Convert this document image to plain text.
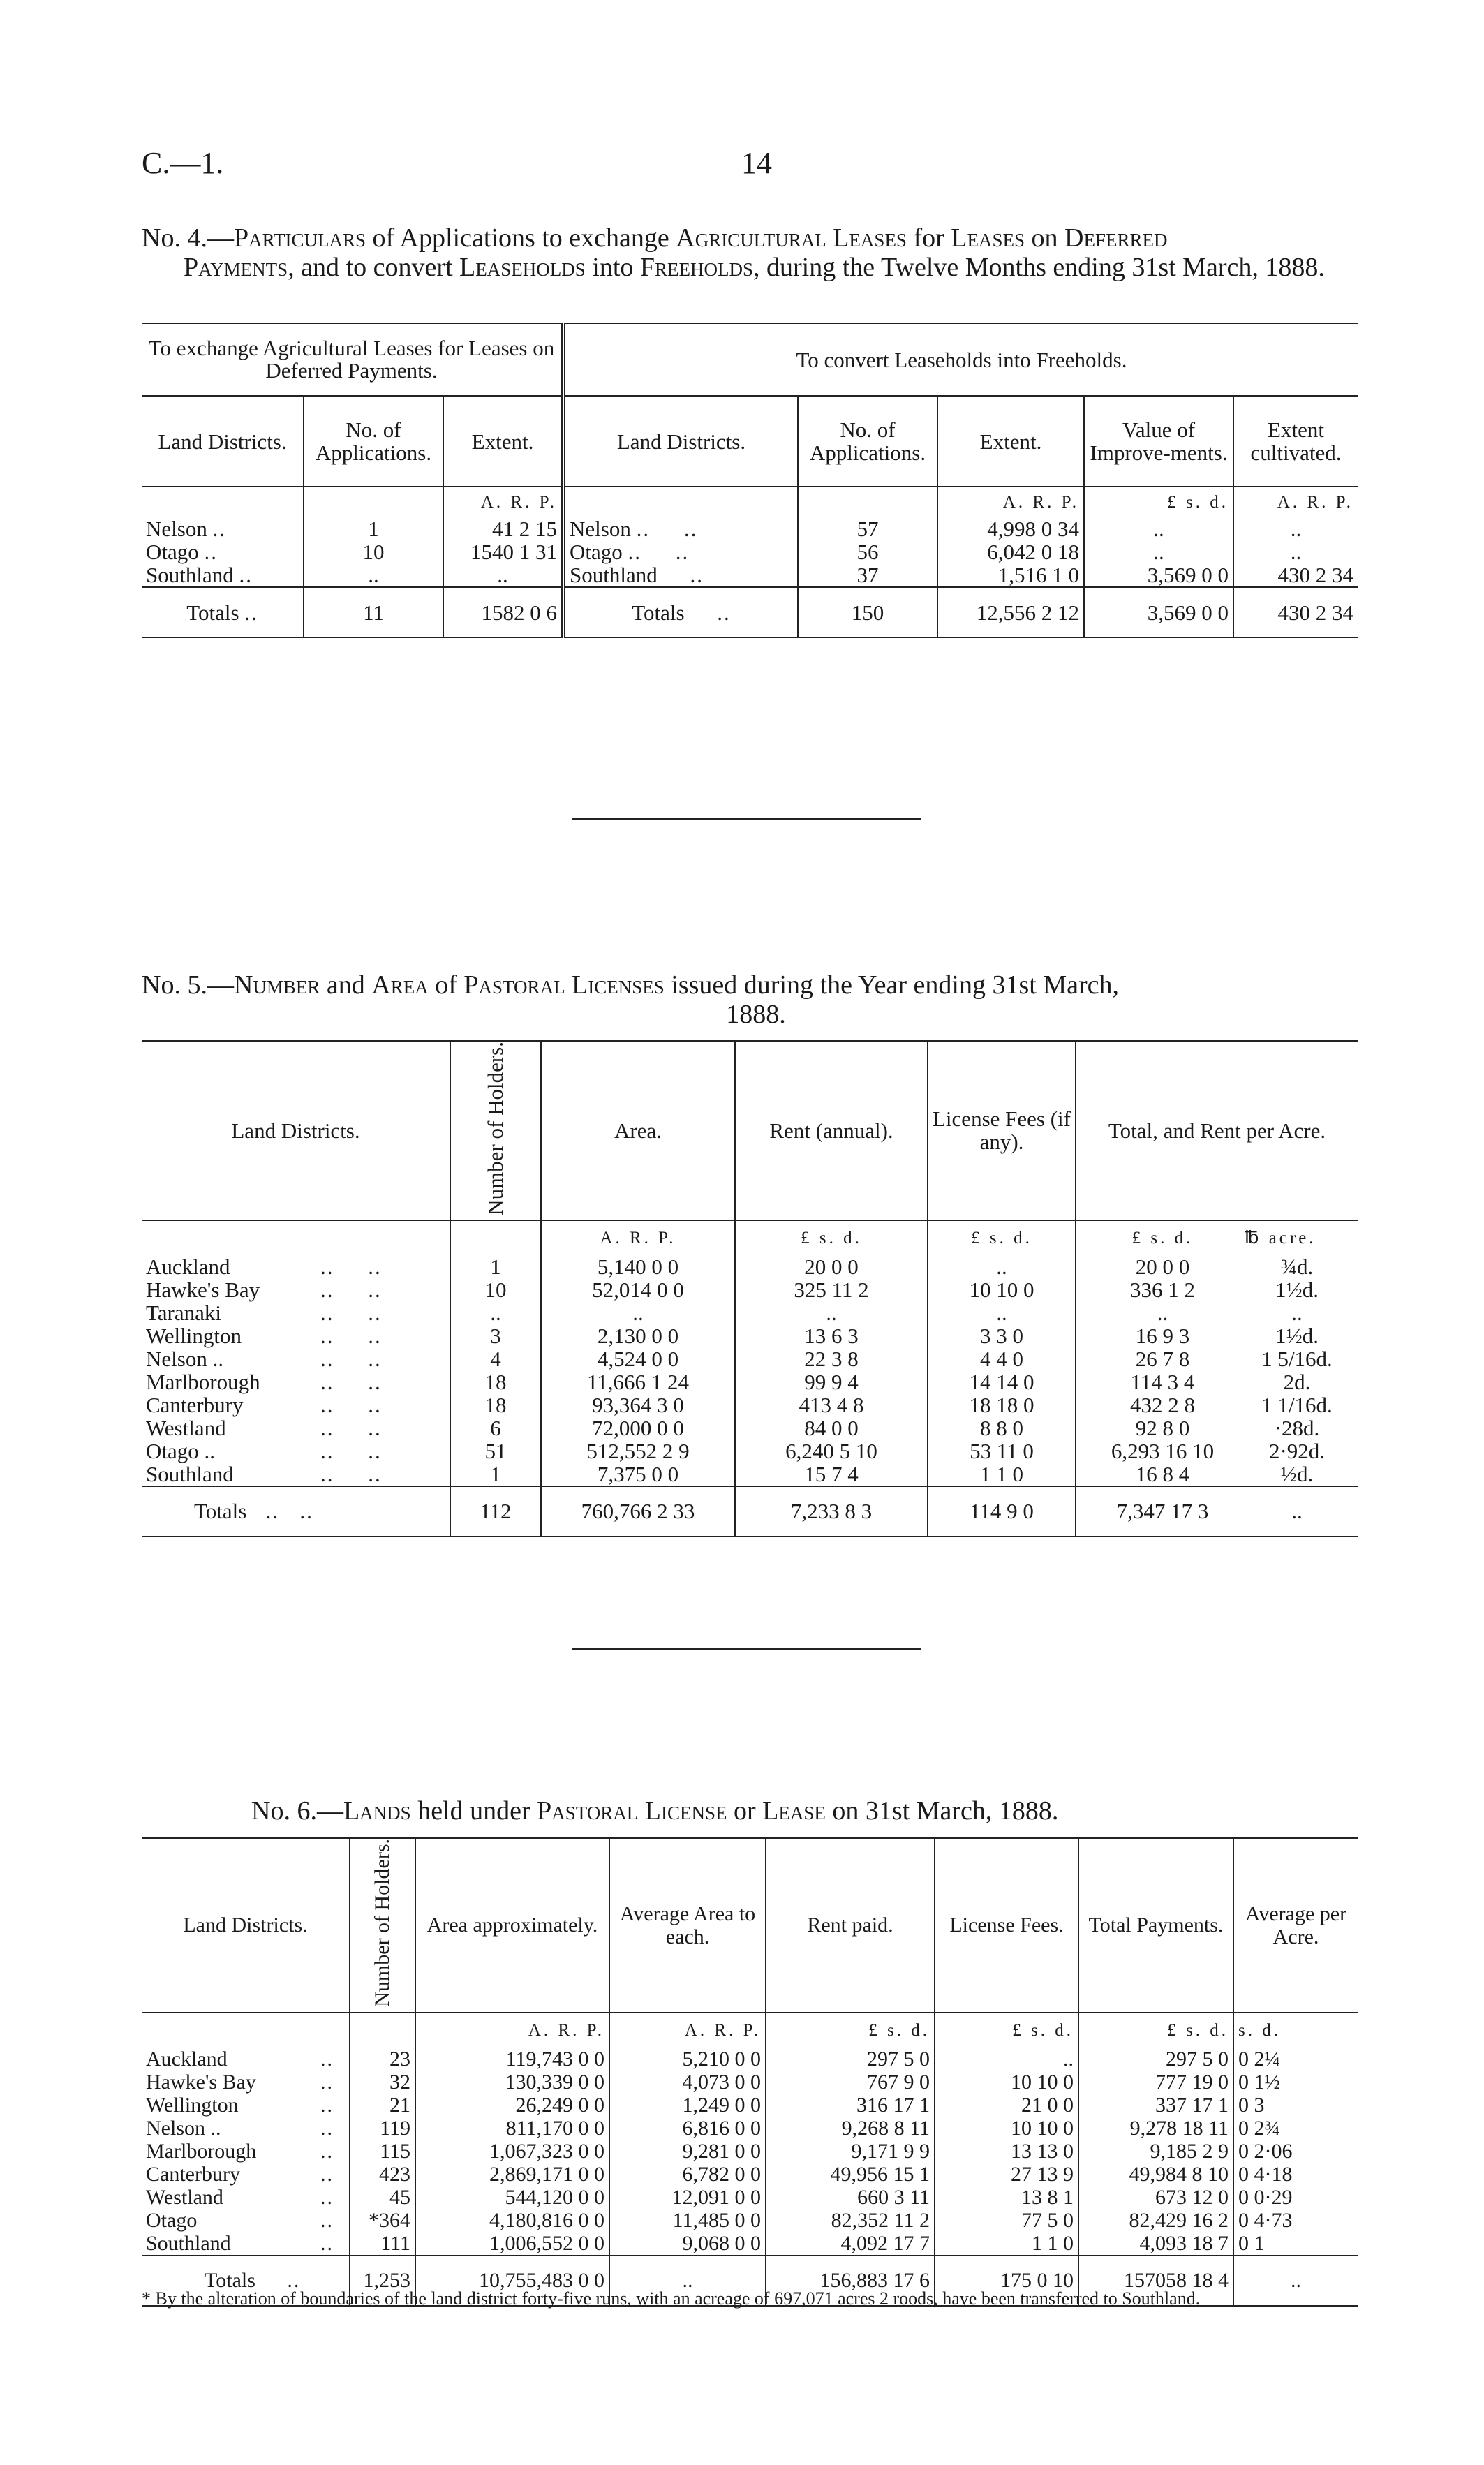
C.—1.	14
No. 4.—Particulars of Applications to exchange Agricultural Leases for Leases on Deferred
Payments, and to convert Leaseholds into Freeholds, during the Twelve Months ending 31st March, 1888.
To exchange Agricultural Leases for Leases on Deferred Payments.			To convert Leaseholds into Freeholds.				
Land Districts.	No. of Applications.	Extent.	Land Districts.	No. of Applications.	Extent.	Value of Improve-ments.	Extent cultivated.
		A. R. P.			A. R. P.	£ s. d.	A. R. P.
Nelson ..	1	41 2 15	Nelson ..     ..	57	4,998 0 34	..	..
Otago ..	10	1540 1 31	Otago ..     ..	56	6,042 0 18	..	..
Southland ..	..	..	Southland     ..	37	1,516 1 0	3,569 0 0	430 2 34
Totals ..	11	1582 0 6	Totals     ..	150	12,556 2 12	3,569 0 0	430 2 34
No. 5.—Number and Area of Pastoral Licenses issued during the Year ending 31st March,
1888.
Land Districts.	Number of Holders.	Area.	Rent (annual).	License Fees (if any).	Total, and Rent per Acre.
		A. R. P.	£ s. d.	£ s. d.	£ s. d. ℔ acre.
Auckland ..     ..	1	5,140 0 0	20 0 0	..	20 0 0 ¾d.
Hawke's Bay ..     ..	10	52,014 0 0	325 11 2	10 10 0	336 1 2 1½d.
Taranaki ..     ..	..	..	..	..	.. ..
Wellington ..     ..	3	2,130 0 0	13 6 3	3 3 0	16 9 3 1½d.
Nelson .. ..     ..	4	4,524 0 0	22 3 8	4 4 0	26 7 8 1 5/16d.
Marlborough ..     ..	18	11,666 1 24	99 9 4	14 14 0	114 3 4 2d.
Canterbury ..     ..	18	93,364 3 0	413 4 8	18 18 0	432 2 8 1 1/16d.
Westland ..     ..	6	72,000 0 0	84 0 0	8 8 0	92 8 0 ·28d.
Otago .. ..     ..	51	512,552 2 9	6,240 5 10	53 11 0	6,293 16 10 2·92d.
Southland ..     ..	1	7,375 0 0	15 7 4	1 1 0	16 8 4 ½d.
Totals   ..   ..	112	760,766 2 33	7,233 8 3	114 9 0	7,347 17 3 ..
No. 6.—Lands held under Pastoral License or Lease on 31st March, 1888.
Land Districts.	Number of Holders.	Area approximately.	Average Area to each.	Rent paid.	License Fees.	Total Payments.	Average per Acre.
		A. R. P.	A. R. P.	£ s. d.	£ s. d.	£ s. d.	s. d.
Auckland ..	23	119,743 0 0	5,210 0 0	297 5 0	..	297 5 0	0 2¼
Hawke's Bay ..	32	130,339 0 0	4,073 0 0	767 9 0	10 10 0	777 19 0	0 1½
Wellington ..	21	26,249 0 0	1,249 0 0	316 17 1	21 0 0	337 17 1	0 3
Nelson .. ..	119	811,170 0 0	6,816 0 0	9,268 8 11	10 10 0	9,278 18 11	0 2¾
Marlborough ..	115	1,067,323 0 0	9,281 0 0	9,171 9 9	13 13 0	9,185 2 9	0 2·06
Canterbury ..	423	2,869,171 0 0	6,782 0 0	49,956 15 1	27 13 9	49,984 8 10	0 4·18
Westland ..	45	544,120 0 0	12,091 0 0	660 3 11	13 8 1	673 12 0	0 0·29
Otago ..	*364	4,180,816 0 0	11,485 0 0	82,352 11 2	77 5 0	82,429 16 2	0 4·73
Southland ..	111	1,006,552 0 0	9,068 0 0	4,092 17 7	1 1 0	4,093 18 7	0 1
Totals     ..	1,253	10,755,483 0 0	..	156,883 17 6	175 0 10	157058 18 4	..
* By the alteration of boundaries of the land district forty-five runs, with an acreage of 697,071 acres 2 roods, have been transferred to Southland.
